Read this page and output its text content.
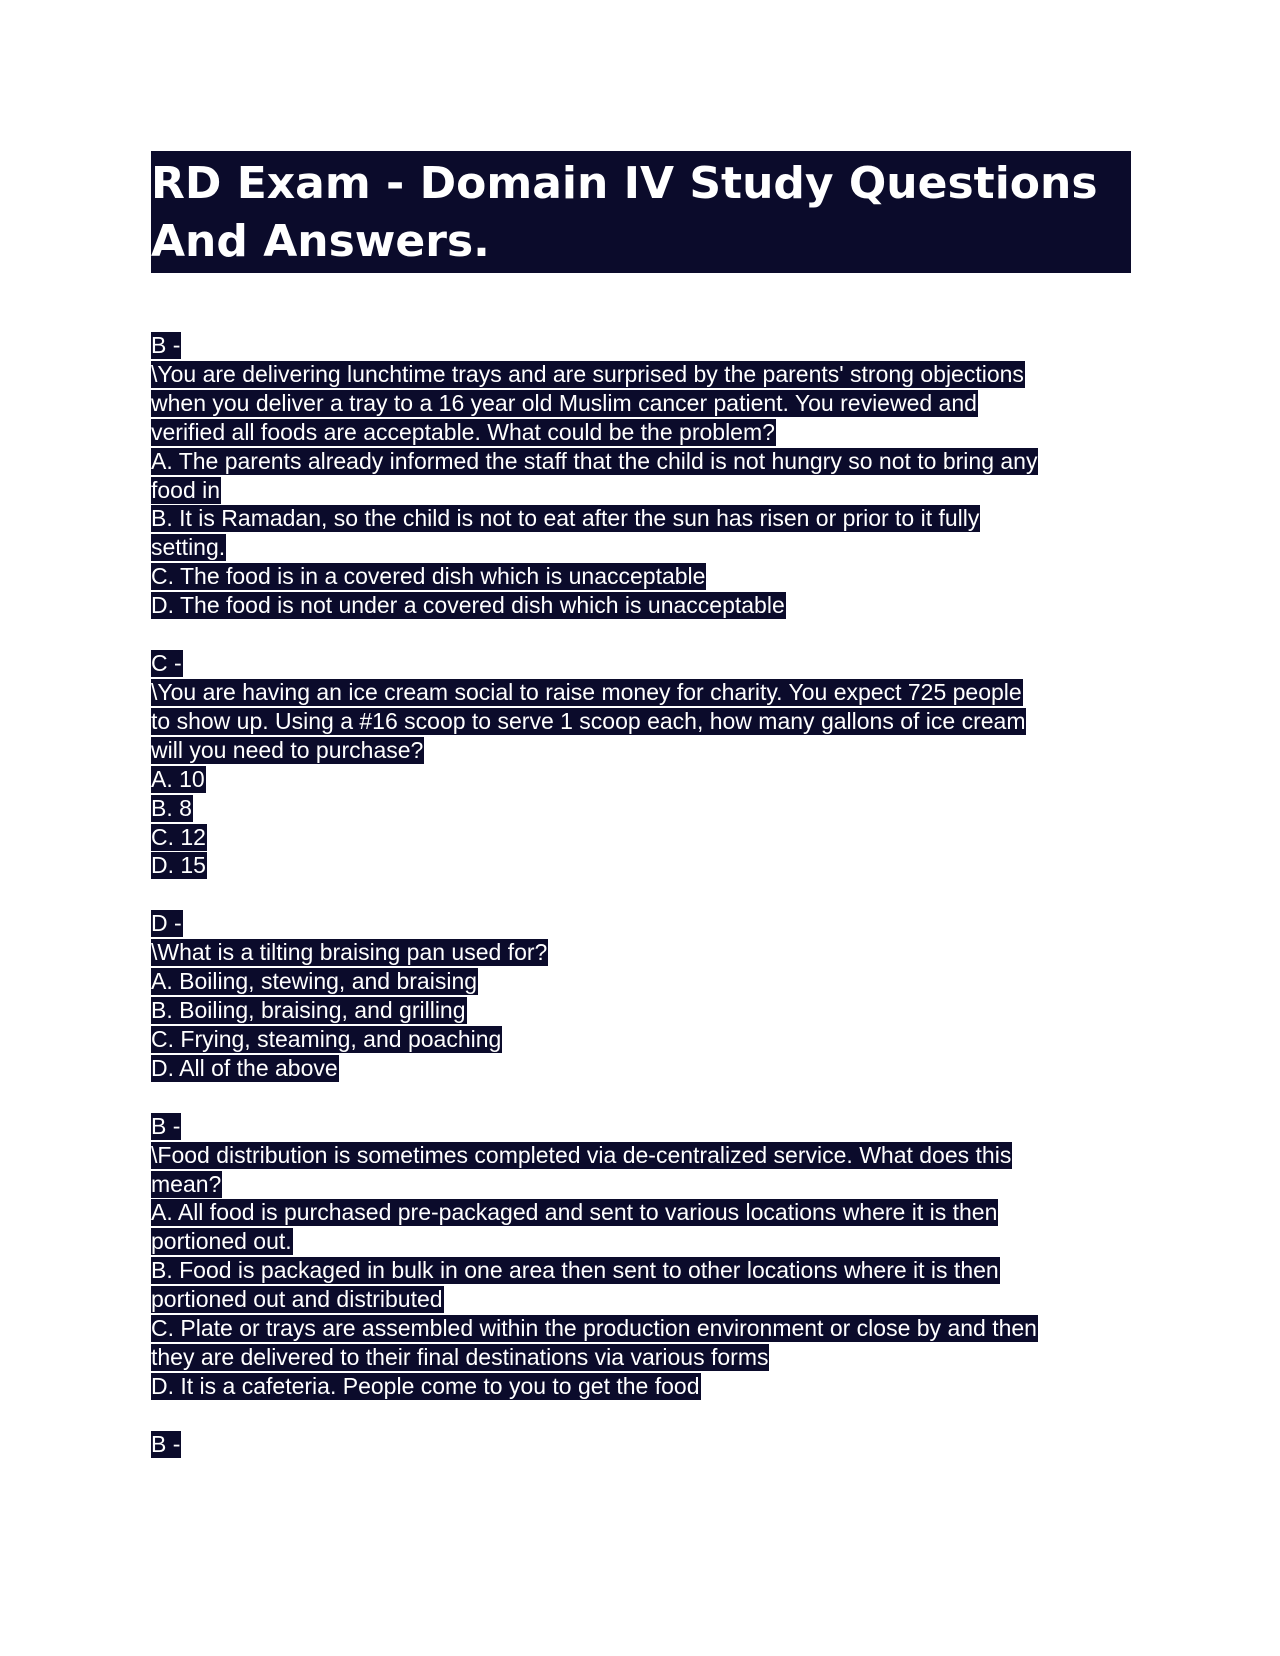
RD Exam - Domain IV Study Questions
And Answers.
B -
\You are delivering lunchtime trays and are surprised by the parents' strong objections
when you deliver a tray to a 16 year old Muslim cancer patient. You reviewed and
verified all foods are acceptable. What could be the problem?
A. The parents already informed the staff that the child is not hungry so not to bring any
food in
B. It is Ramadan, so the child is not to eat after the sun has risen or prior to it fully
setting.
C. The food is in a covered dish which is unacceptable
D. The food is not under a covered dish which is unacceptable
C -
\You are having an ice cream social to raise money for charity. You expect 725 people
to show up. Using a #16 scoop to serve 1 scoop each, how many gallons of ice cream
will you need to purchase?
A. 10
B. 8
C. 12
D. 15
D -
\What is a tilting braising pan used for?
A. Boiling, stewing, and braising
B. Boiling, braising, and grilling
C. Frying, steaming, and poaching
D. All of the above
B -
\Food distribution is sometimes completed via de-centralized service. What does this
mean?
A. All food is purchased pre-packaged and sent to various locations where it is then
portioned out.
B. Food is packaged in bulk in one area then sent to other locations where it is then
portioned out and distributed
C. Plate or trays are assembled within the production environment or close by and then
they are delivered to their final destinations via various forms
D. It is a cafeteria. People come to you to get the food
B -
